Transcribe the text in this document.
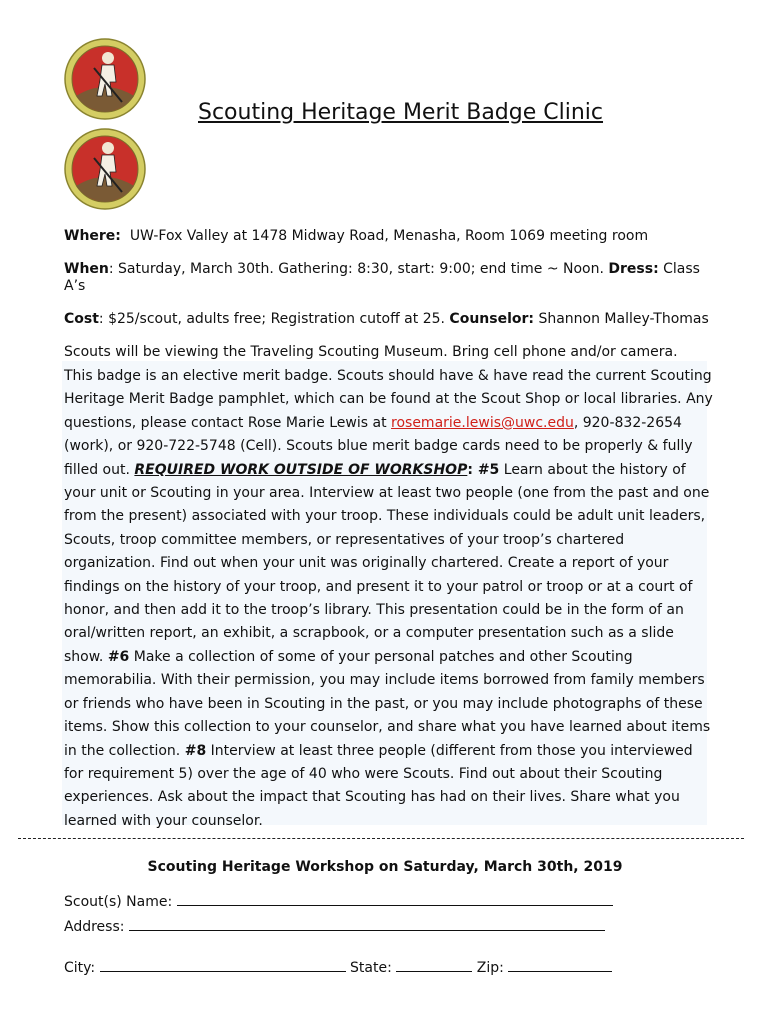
Scouting Heritage Merit Badge Clinic
Where: UW-Fox Valley at 1478 Midway Road, Menasha, Room 1069 meeting room
When: Saturday, March 30th. Gathering: 8:30, start: 9:00; end time ~ Noon. Dress: Class A’s
Cost: $25/scout, adults free; Registration cutoff at 25. Counselor: Shannon Malley-Thomas
Scouts will be viewing the Traveling Scouting Museum. Bring cell phone and/or camera.
This badge is an elective merit badge. Scouts should have & have read the current Scouting Heritage Merit Badge pamphlet, which can be found at the Scout Shop or local libraries. Any questions, please contact Rose Marie Lewis at rosemarie.lewis@uwc.edu, 920-832-2654 (work), or 920-722-5748 (Cell). Scouts blue merit badge cards need to be properly & fully filled out. REQUIRED WORK OUTSIDE OF WORKSHOP: #5 Learn about the history of your unit or Scouting in your area. Interview at least two people (one from the past and one from the present) associated with your troop. These individuals could be adult unit leaders, Scouts, troop committee members, or representatives of your troop’s chartered organization. Find out when your unit was originally chartered. Create a report of your findings on the history of your troop, and present it to your patrol or troop or at a court of honor, and then add it to the troop’s library. This presentation could be in the form of an oral/written report, an exhibit, a scrapbook, or a computer presentation such as a slide show. #6 Make a collection of some of your personal patches and other Scouting memorabilia. With their permission, you may include items borrowed from family members or friends who have been in Scouting in the past, or you may include photographs of these items. Show this collection to your counselor, and share what you have learned about items in the collection. #8 Interview at least three people (different from those you interviewed for requirement 5) over the age of 40 who were Scouts. Find out about their Scouting experiences. Ask about the impact that Scouting has had on their lives. Share what you learned with your counselor.
Scouting Heritage Workshop on Saturday, March 30th, 2019
Scout(s) Name:
Address:
City:	State:	Zip:
